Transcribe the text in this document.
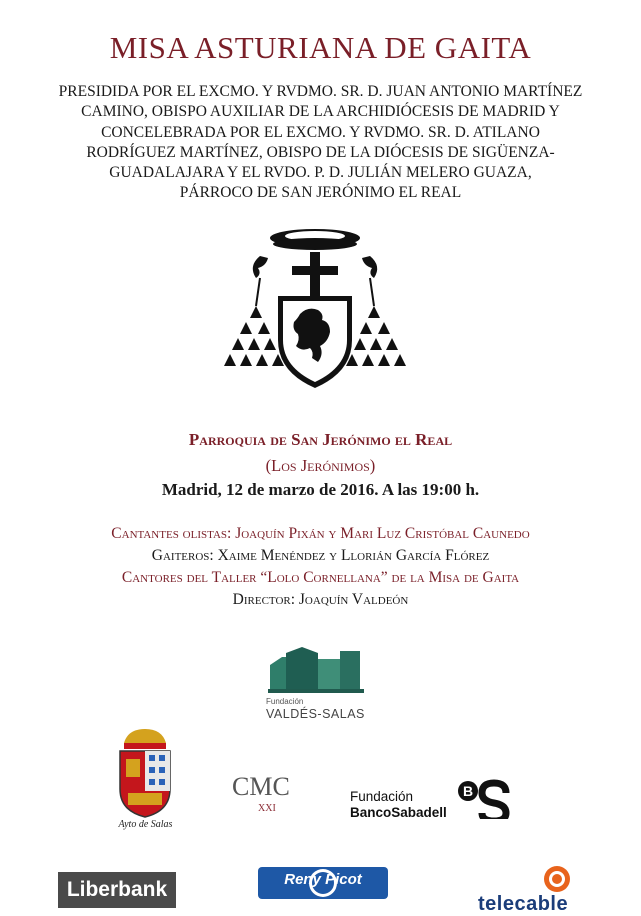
MISA ASTURIANA DE GAITA
PRESIDIDA POR EL EXCMO. Y RVDMO. SR. D. JUAN ANTONIO MARTÍNEZ
CAMINO, OBISPO AUXILIAR DE LA ARCHIDIÓCESIS DE MADRID Y
CONCELEBRADA POR EL EXCMO. Y RVDMO. SR. D. ATILANO
RODRÍGUEZ MARTÍNEZ, OBISPO DE LA DIÓCESIS DE SIGÜENZA-
GUADALAJARA Y EL RVDO. P. D. JULIÁN MELERO GUAZA,
PÁRROCO DE SAN JERÓNIMO EL REAL
Parroquia de San Jerónimo el Real
(Los Jerónimos)
Madrid, 12 de marzo de 2016. A las 19:00 h.
Cantantes olistas: Joaquín Pixán y Mari Luz Cristóbal Caunedo
Gaiteros: Xaime Menéndez y Llorián García Flórez
Cantores del Taller “Lolo Cornellana” de la Misa de Gaita
Director: Joaquín Valdeón
Fundación
VALDÉS-SALAS
Ayto de Salas
CMC
XXI
Fundación
BancoSabadell
B
Liberbank	Reny Picot
telecable
